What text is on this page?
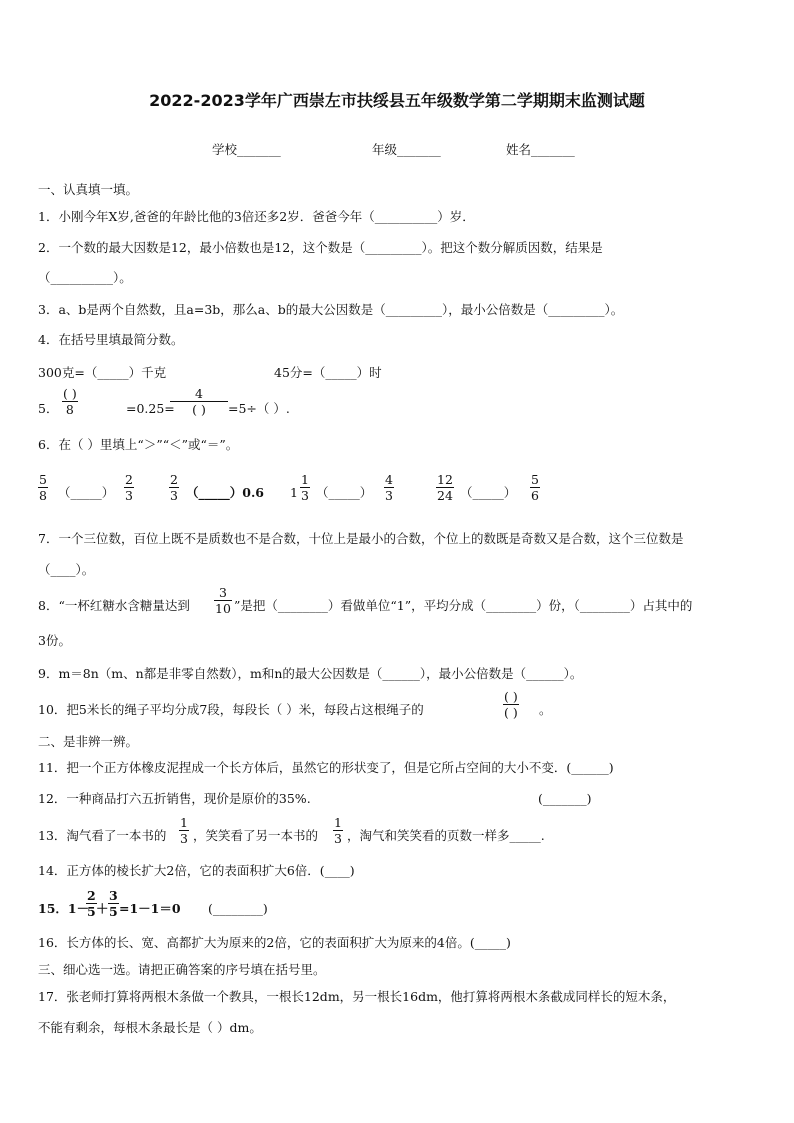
2022-2023学年广西崇左市扶绥县五年级数学第二学期期末监测试题
学校_______	年级_______	姓名_______
一、认真填一填。
1．小刚今年X岁,爸爸的年龄比他的3倍还多2岁．爸爸今年（__________）岁．
2．一个数的最大因数是12，最小倍数也是12，这个数是（_________）。把这个数分解质因数，结果是
（__________）。
3．a、b是两个自然数，且a=3b，那么a、b的最大公因数是（_________），最小公倍数是（_________）。
4．在括号里填最简分数。
300克=（_____）千克	45分=（_____）时
5．
( )
8	=0.25=
4
( ) =5÷（ ）.
6．在（ ）里填上“＞”“＜”或“＝”。
5
8 （_____）
2
3
2
3 （_____）0.6 1
1
3 （_____）
4
3
12
24 （_____）
5
6
7．一个三位数，百位上既不是质数也不是合数，十位上是最小的合数，个位上的数既是奇数又是合数，这个三位数是
（____）。
8．“一杯红糖水含糖量达到
3
10 ”是把（________）看做单位“1”，平均分成（________）份，（________）占其中的
3份。
9．m＝8n（m、n都是非零自然数），m和n的最大公因数是（______），最小公倍数是（______）。
10．把5米长的绳子平均分成7段，每段长（ ）米，每段占这根绳子的
( )
( ) 。
二、是非辨一辨。
11．把一个正方体橡皮泥捏成一个长方体后，虽然它的形状变了，但是它所占空间的大小不变．(______)
12．一种商品打六五折销售，现价是原价的35%.	(_______)
13．淘气看了一本书的
1
3 ，笑笑看了另一本书的
1
3 ，淘气和笑笑看的页数一样多_____.
14．正方体的棱长扩大2倍，它的表面积扩大6倍．(____)
15．1－
2
5 ＋
3
5 =1－1＝0 (________)
16．长方体的长、宽、高都扩大为原来的2倍，它的表面积扩大为原来的4倍。(_____)
三、细心选一选。请把正确答案的序号填在括号里。
17．张老师打算将两根木条做一个教具，一根长12dm，另一根长16dm，他打算将两根木条截成同样长的短木条，
不能有剩余，每根木条最长是（ ）dm。
